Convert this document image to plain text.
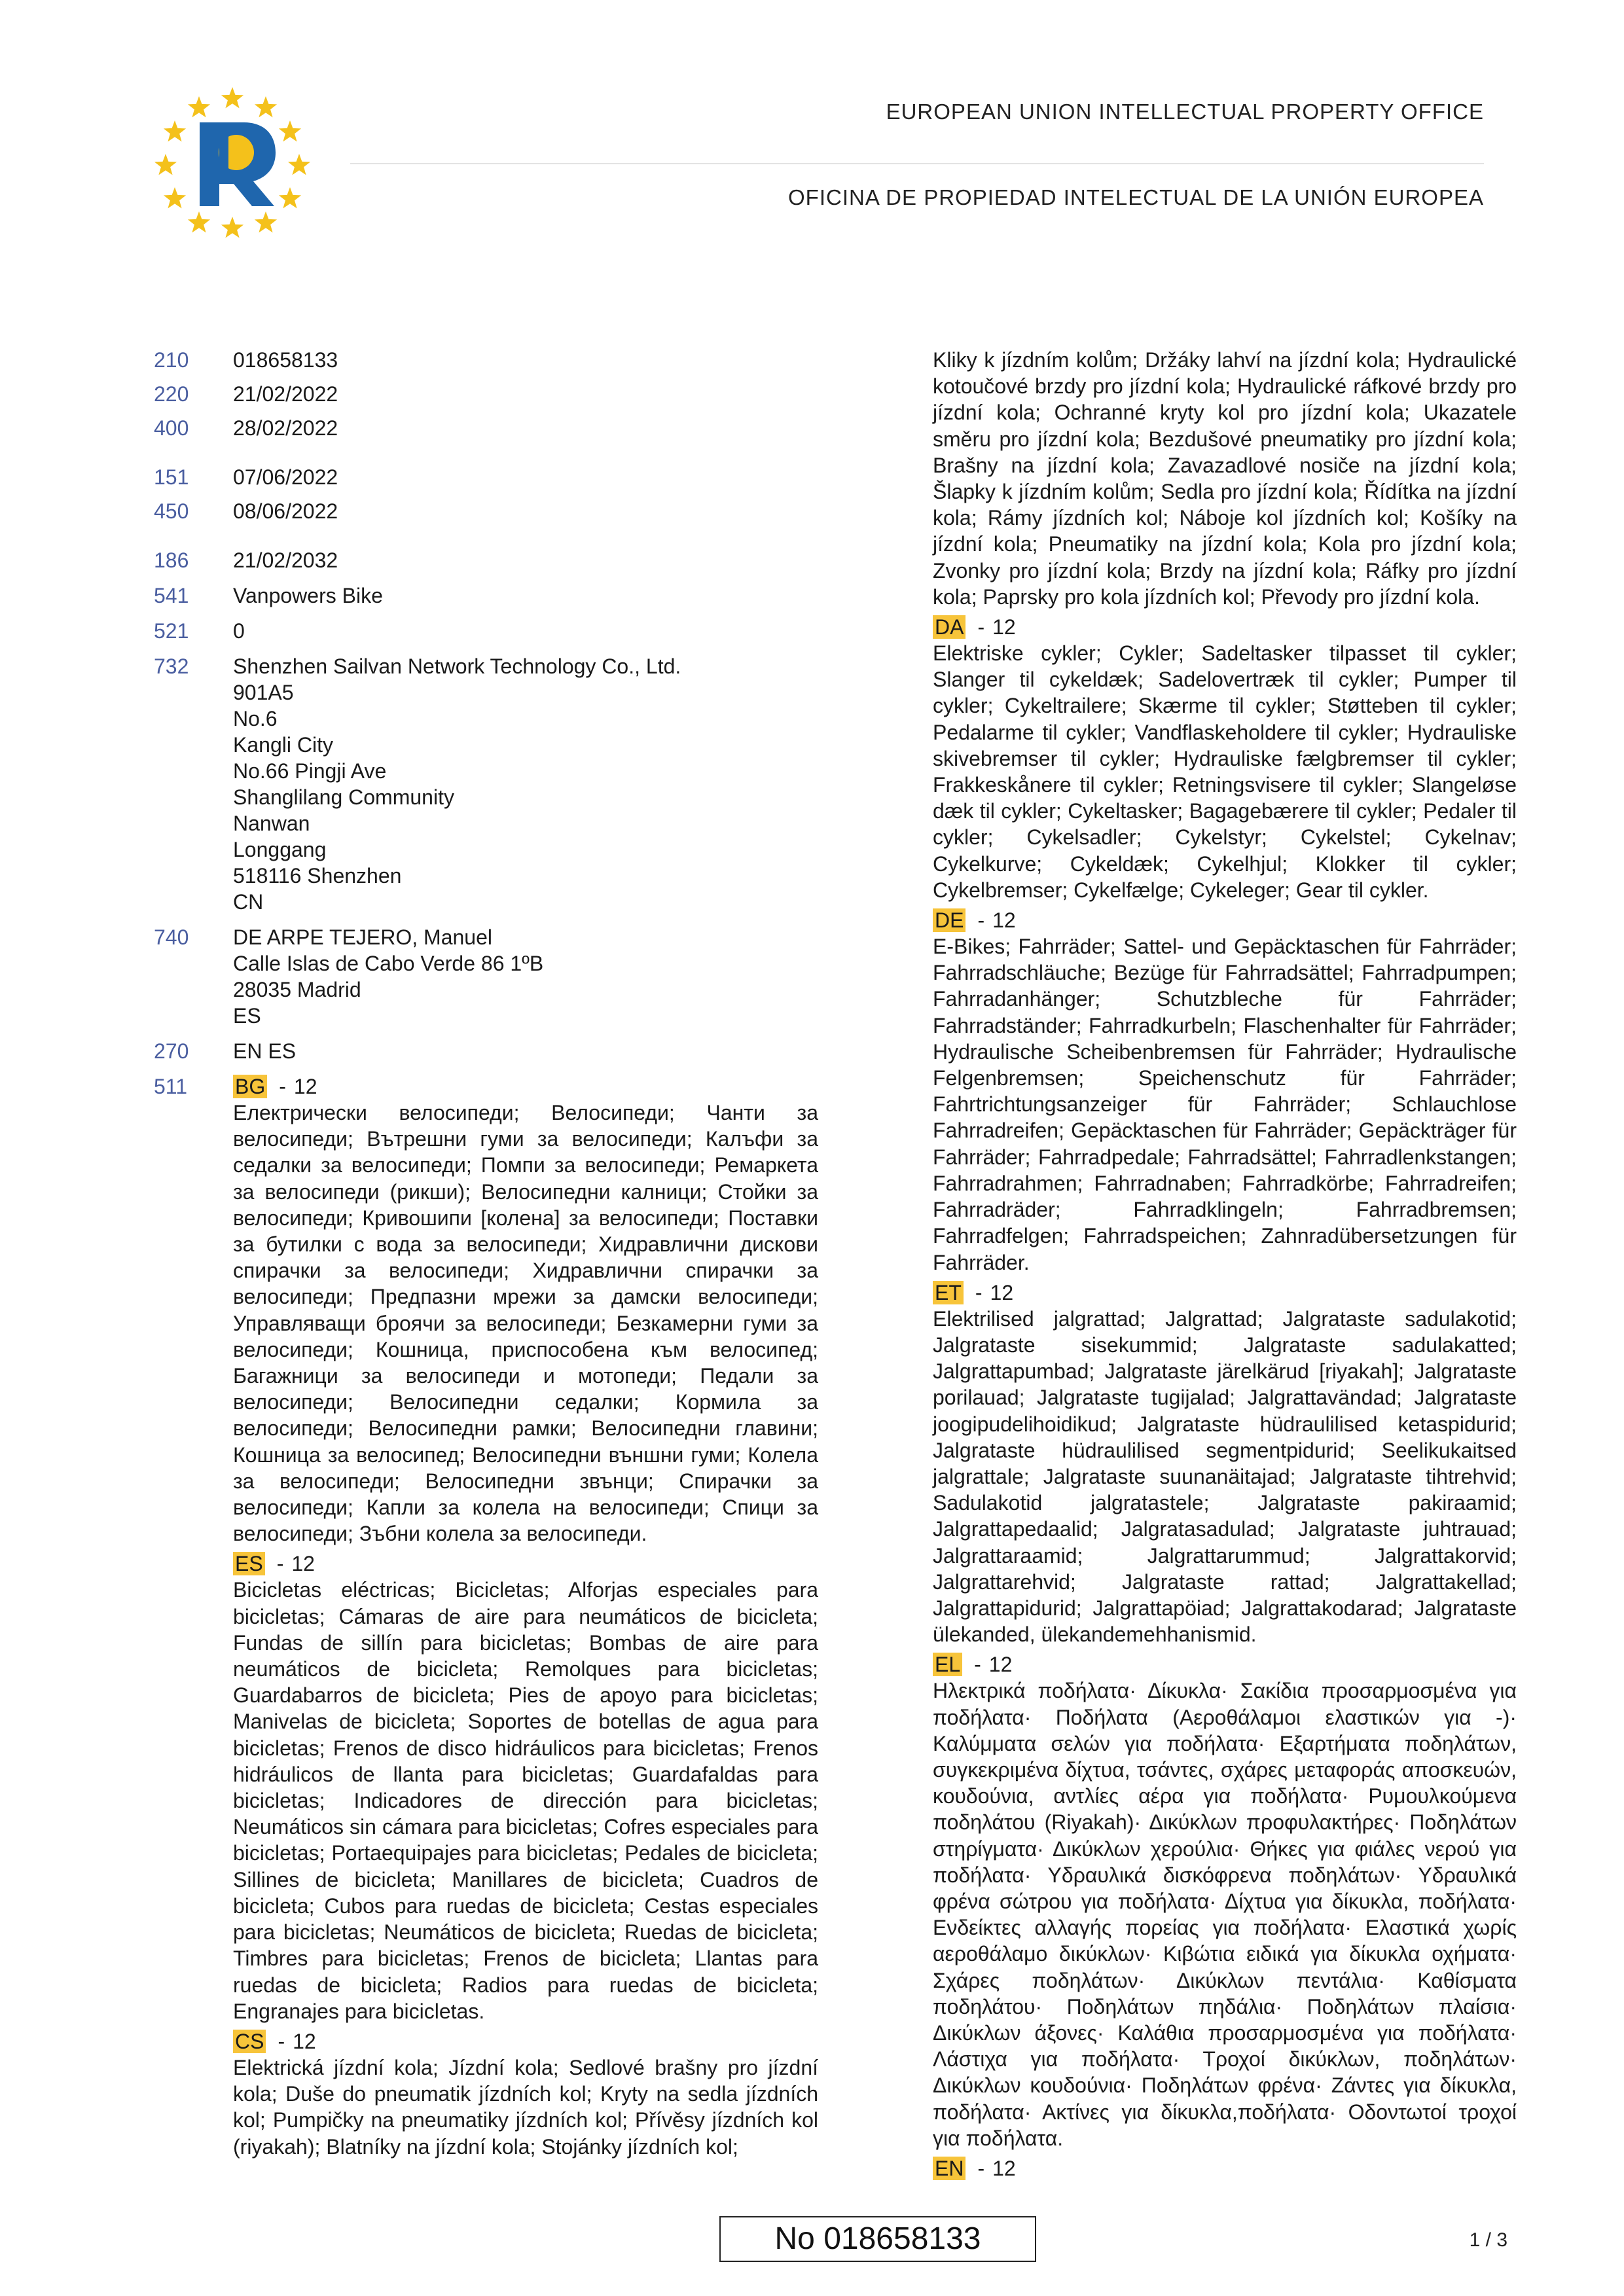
EUROPEAN UNION INTELLECTUAL PROPERTY OFFICE
OFICINA DE PROPIEDAD INTELECTUAL DE LA UNIÓN EUROPEA
210	018658133
220	21/02/2022
400	28/02/2022
151	07/06/2022
450	08/06/2022
186	21/02/2032
541	Vanpowers Bike
521	0
732	Shenzhen Sailvan Network Technology Co., Ltd.
901A5
No.6
Kangli City
No.66 Pingji Ave
Shanglilang Community
Nanwan
Longgang
518116 Shenzhen
CN
740	DE ARPE TEJERO, Manuel
Calle Islas de Cabo Verde 86 1ºB
28035 Madrid
ES
270	EN ES
511	BG - 12
Електрически велосипеди; Велосипеди; Чанти за велосипеди; Вътрешни гуми за велосипеди; Калъфи за седалки за велосипеди; Помпи за велосипеди; Ремаркета за велосипеди (рикши); Велосипедни калници; Стойки за велосипеди; Кривошипи [колена] за велосипеди; Поставки за бутилки с вода за велосипеди; Хидравлични дискови спирачки за велосипеди; Хидравлични спирачки за велосипеди; Предпазни мрежи за дамски велосипеди; Управляващи броячи за велосипеди; Безкамерни гуми за велосипеди; Кошница, приспособена към велосипед; Багажници за велосипеди и мотопеди; Педали за велосипеди; Велосипедни седалки; Кормила за велосипеди; Велосипедни рамки; Велосипедни главини; Кошница за велосипед; Велосипедни външни гуми; Колела за велосипеди; Велосипедни звънци; Спирачки за велосипеди; Капли за колела на велосипеди; Спици за велосипеди; Зъбни колела за велосипеди.
ES - 12
Bicicletas eléctricas; Bicicletas; Alforjas especiales para bicicletas; Cámaras de aire para neumáticos de bicicleta; Fundas de sillín para bicicletas; Bombas de aire para neumáticos de bicicleta; Remolques para bicicletas; Guardabarros de bicicleta; Pies de apoyo para bicicletas; Manivelas de bicicleta; Soportes de botellas de agua para bicicletas; Frenos de disco hidráulicos para bicicletas; Frenos hidráulicos de llanta para bicicletas; Guardafaldas para bicicletas; Indicadores de dirección para bicicletas; Neumáticos sin cámara para bicicletas; Cofres especiales para bicicletas; Portaequipajes para bicicletas; Pedales de bicicleta; Sillines de bicicleta; Manillares de bicicleta; Cuadros de bicicleta; Cubos para ruedas de bicicleta; Cestas especiales para bicicletas; Neumáticos de bicicleta; Ruedas de bicicleta; Timbres para bicicletas; Frenos de bicicleta; Llantas para ruedas de bicicleta; Radios para ruedas de bicicleta; Engranajes para bicicletas.
CS - 12
Elektrická jízdní kola; Jízdní kola; Sedlové brašny pro jízdní kola; Duše do pneumatik jízdních kol; Kryty na sedla jízdních kol; Pumpičky na pneumatiky jízdních kol; Přívěsy jízdních kol (riyakah); Blatníky na jízdní kola; Stojánky jízdních kol;
Kliky k jízdním kolům; Držáky lahví na jízdní kola; Hydraulické kotoučové brzdy pro jízdní kola; Hydraulické ráfkové brzdy pro jízdní kola; Ochranné kryty kol pro jízdní kola; Ukazatele směru pro jízdní kola; Bezdušové pneumatiky pro jízdní kola; Brašny na jízdní kola; Zavazadlové nosiče na jízdní kola; Šlapky k jízdním kolům; Sedla pro jízdní kola; Řídítka na jízdní kola; Rámy jízdních kol; Náboje kol jízdních kol; Košíky na jízdní kola; Pneumatiky na jízdní kola; Kola pro jízdní kola; Zvonky pro jízdní kola; Brzdy na jízdní kola; Ráfky pro jízdní kola; Paprsky pro kola jízdních kol; Převody pro jízdní kola.
DA - 12
Elektriske cykler; Cykler; Sadeltasker tilpasset til cykler; Slanger til cykeldæk; Sadelovertræk til cykler; Pumper til cykler; Cykeltrailere; Skærme til cykler; Støtteben til cykler; Pedalarme til cykler; Vandflaskeholdere til cykler; Hydrauliske skivebremser til cykler; Hydrauliske fælgbremser til cykler; Frakkeskånere til cykler; Retningsvisere til cykler; Slangeløse dæk til cykler; Cykeltasker; Bagagebærere til cykler; Pedaler til cykler; Cykelsadler; Cykelstyr; Cykelstel; Cykelnav; Cykelkurve; Cykeldæk; Cykelhjul; Klokker til cykler; Cykelbremser; Cykelfælge; Cykeleger; Gear til cykler.
DE - 12
E-Bikes; Fahrräder; Sattel- und Gepäcktaschen für Fahrräder; Fahrradschläuche; Bezüge für Fahrradsättel; Fahrradpumpen; Fahrradanhänger; Schutzbleche für Fahrräder; Fahrradständer; Fahrradkurbeln; Flaschenhalter für Fahrräder; Hydraulische Scheibenbremsen für Fahrräder; Hydraulische Felgenbremsen; Speichenschutz für Fahrräder; Fahrtrichtungsanzeiger für Fahrräder; Schlauchlose Fahrradreifen; Gepäcktaschen für Fahrräder; Gepäckträger für Fahrräder; Fahrradpedale; Fahrradsättel; Fahrradlenkstangen; Fahrradrahmen; Fahrradnaben; Fahrradkörbe; Fahrradreifen; Fahrradräder; Fahrradklingeln; Fahrradbremsen; Fahrradfelgen; Fahrradspeichen; Zahnradübersetzungen für Fahrräder.
ET - 12
Elektrilised jalgrattad; Jalgrattad; Jalgrataste sadulakotid; Jalgrataste sisekummid; Jalgrataste sadulakatted; Jalgrattapumbad; Jalgrataste järelkärud [riyakah]; Jalgrataste porilauad; Jalgrataste tugijalad; Jalgrattavändad; Jalgrataste joogipudelihoidikud; Jalgrataste hüdraulilised ketaspidurid; Jalgrataste hüdraulilised segmentpidurid; Seelikukaitsed jalgrattale; Jalgrataste suunanäitajad; Jalgrataste tihtrehvid; Sadulakotid jalgratastele; Jalgrataste pakiraamid; Jalgrattapedaalid; Jalgratasadulad; Jalgrataste juhtrauad; Jalgrattaraamid; Jalgrattarummud; Jalgrattakorvid; Jalgrattarehvid; Jalgrataste rattad; Jalgrattakellad; Jalgrattapidurid; Jalgrattapöiad; Jalgrattakodarad; Jalgrataste ülekanded, ülekandemehhanismid.
EL - 12
Ηλεκτρικά ποδήλατα· Δίκυκλα· Σακίδια προσαρμοσμένα για ποδήλατα· Ποδήλατα (Αεροθάλαμοι ελαστικών για -)· Καλύμματα σελών για ποδήλατα· Εξαρτήματα ποδηλάτων, συγκεκριμένα δίχτυα, τσάντες, σχάρες μεταφοράς αποσκευών, κουδούνια, αντλίες αέρα για ποδήλατα· Ρυμουλκούμενα ποδηλάτου (Riyakah)· Δικύκλων προφυλακτήρες· Ποδηλάτων στηρίγματα· Δικύκλων χερούλια· Θήκες για φιάλες νερού για ποδήλατα· Υδραυλικά δισκόφρενα ποδηλάτων· Υδραυλικά φρένα σώτρου για ποδήλατα· Δίχτυα για δίκυκλα, ποδήλατα· Ενδείκτες αλλαγής πορείας για ποδήλατα· Ελαστικά χωρίς αεροθάλαμο δικύκλων· Κιβώτια ειδικά για δίκυκλα οχήματα· Σχάρες ποδηλάτων· Δικύκλων πεντάλια· Καθίσματα ποδηλάτου· Ποδηλάτων πηδάλια· Ποδηλάτων πλαίσια· Δικύκλων άξονες· Καλάθια προσαρμοσμένα για ποδήλατα· Λάστιχα για ποδήλατα· Τροχοί δικύκλων, ποδηλάτων· Δικύκλων κουδούνια· Ποδηλάτων φρένα· Ζάντες για δίκυκλα, ποδήλατα· Ακτίνες για δίκυκλα,ποδήλατα· Οδοντωτοί τροχοί για ποδήλατα.
EN - 12
No 018658133	1 / 3
